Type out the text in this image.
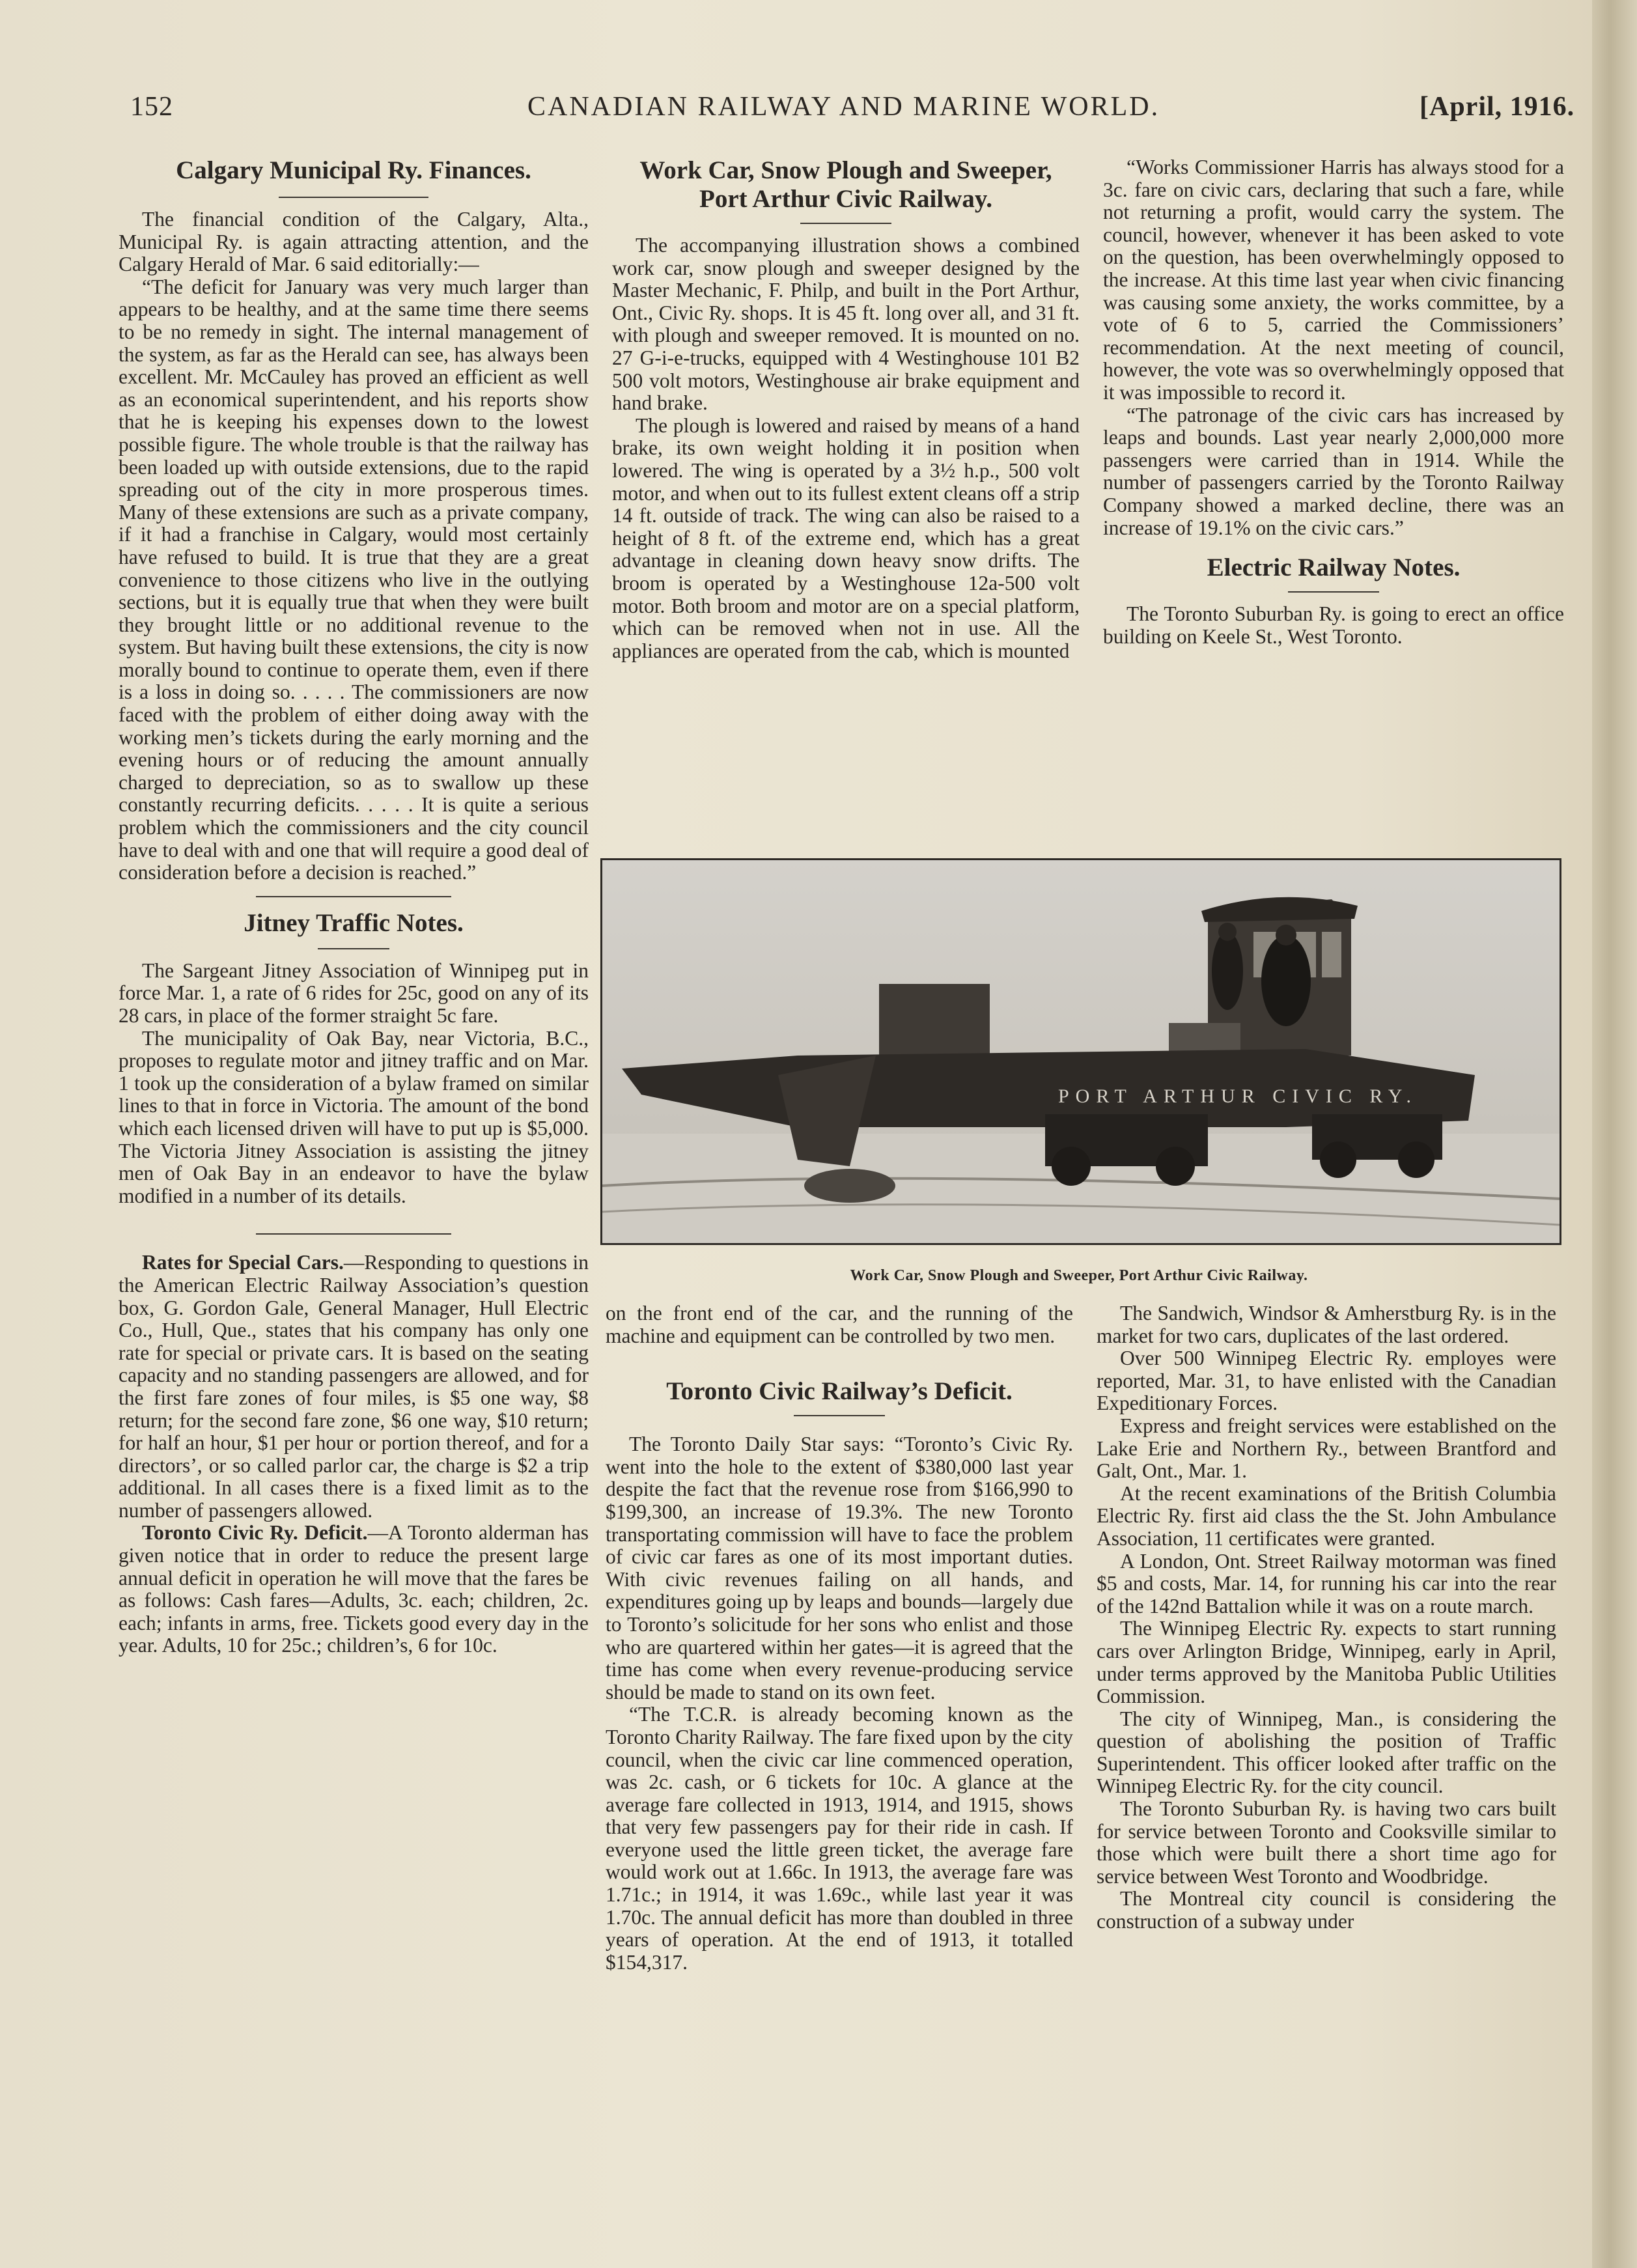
152	CANADIAN RAILWAY AND MARINE WORLD.	[April, 1916.
Calgary Municipal Ry. Finances.

The financial condition of the Calgary, Alta., Municipal Ry. is again attracting attention, and the Calgary Herald of Mar. 6 said editorially:—

“The deficit for January was very much larger than appears to be healthy, and at the same time there seems to be no remedy in sight. The internal management of the system, as far as the Herald can see, has always been excellent. Mr. McCauley has proved an efficient as well as an economical superintendent, and his reports show that he is keeping his expenses down to the lowest possible figure. The whole trouble is that the railway has been loaded up with outside extensions, due to the rapid spreading out of the city in more prosperous times. Many of these extensions are such as a private company, if it had a franchise in Calgary, would most certainly have refused to build. It is true that they are a great convenience to those citizens who live in the outlying sections, but it is equally true that when they were built they brought little or no additional revenue to the system. But having built these extensions, the city is now morally bound to continue to operate them, even if there is a loss in doing so. . . . . The commissioners are now faced with the problem of either doing away with the working men’s tickets during the early morning and the evening hours or of reducing the amount annually charged to depreciation, so as to swallow up these constantly recurring deficits. . . . . It is quite a serious problem which the commissioners and the city council have to deal with and one that will require a good deal of consideration before a decision is reached.”

Jitney Traffic Notes.

The Sargeant Jitney Association of Winnipeg put in force Mar. 1, a rate of 6 rides for 25c, good on any of its 28 cars, in place of the former straight 5c fare.

The municipality of Oak Bay, near Victoria, B.C., proposes to regulate motor and jitney traffic and on Mar. 1 took up the consideration of a bylaw framed on similar lines to that in force in Victoria. The amount of the bond which each licensed driven will have to put up is $5,000. The Victoria Jitney Association is assisting the jitney men of Oak Bay in an endeavor to have the bylaw modified in a number of its details.

Rates for Special Cars.—Responding to questions in the American Electric Railway Association’s question box, G. Gordon Gale, General Manager, Hull Electric Co., Hull, Que., states that his company has only one rate for special or private cars. It is based on the seating capacity and no standing passengers are allowed, and for the first fare zones of four miles, is $5 one way, $8 return; for the second fare zone, $6 one way, $10 return; for half an hour, $1 per hour or portion thereof, and for a directors’, or so called parlor car, the charge is $2 a trip additional. In all cases there is a fixed limit as to the number of passengers allowed.

Toronto Civic Ry. Deficit.—A Toronto alderman has given notice that in order to reduce the present large annual deficit in operation he will move that the fares be as follows: Cash fares—Adults, 3c. each; children, 2c. each; infants in arms, free. Tickets good every day in the year. Adults, 10 for 25c.; children’s, 6 for 10c.

Work Car, Snow Plough and Sweeper,
Port Arthur Civic Railway.

The accompanying illustration shows a combined work car, snow plough and sweeper designed by the Master Mechanic, F. Philp, and built in the Port Arthur, Ont., Civic Ry. shops. It is 45 ft. long over all, and 31 ft. with plough and sweeper removed. It is mounted on no. 27 G-i-e-trucks, equipped with 4 Westinghouse 101 B2 500 volt motors, Westinghouse air brake equipment and hand brake.

The plough is lowered and raised by means of a hand brake, its own weight holding it in position when lowered. The wing is operated by a 3½ h.p., 500 volt motor, and when out to its fullest extent cleans off a strip 14 ft. outside of track. The wing can also be raised to a height of 8 ft. of the extreme end, which has a great advantage in cleaning down heavy snow drifts. The broom is operated by a Westinghouse 12a-500 volt motor. Both broom and motor are on a special platform, which can be removed when not in use. All the appliances are operated from the cab, which is mounted

“Works Commissioner Harris has always stood for a 3c. fare on civic cars, declaring that such a fare, while not returning a profit, would carry the system. The council, however, whenever it has been asked to vote on the question, has been overwhelmingly opposed to the increase. At this time last year when civic financing was causing some anxiety, the works committee, by a vote of 6 to 5, carried the Commissioners’ recommendation. At the next meeting of council, however, the vote was so overwhelmingly opposed that it was impossible to record it.

“The patronage of the civic cars has increased by leaps and bounds. Last year nearly 2,000,000 more passengers were carried than in 1914. While the number of passengers carried by the Toronto Railway Company showed a marked decline, there was an increase of 19.1% on the civic cars.”

Electric Railway Notes.

The Toronto Suburban Ry. is going to erect an office building on Keele St., West Toronto.

PORT ARTHUR CIVIC RY.
Work Car, Snow Plough and Sweeper, Port Arthur Civic Railway.

on the front end of the car, and the running of the machine and equipment can be controlled by two men.

Toronto Civic Railway’s Deficit.

The Toronto Daily Star says: “Toronto’s Civic Ry. went into the hole to the extent of $380,000 last year despite the fact that the revenue rose from $166,990 to $199,300, an increase of 19.3%. The new Toronto transportating commission will have to face the problem of civic car fares as one of its most important duties. With civic revenues failing on all hands, and expenditures going up by leaps and bounds—largely due to Toronto’s solicitude for her sons who enlist and those who are quartered within her gates—it is agreed that the time has come when every revenue-producing service should be made to stand on its own feet.

“The T.C.R. is already becoming known as the Toronto Charity Railway. The fare fixed upon by the city council, when the civic car line commenced operation, was 2c. cash, or 6 tickets for 10c. A glance at the average fare collected in 1913, 1914, and 1915, shows that very few passengers pay for their ride in cash. If everyone used the little green ticket, the average fare would work out at 1.66c. In 1913, the average fare was 1.71c.; in 1914, it was 1.69c., while last year it was 1.70c. The annual deficit has more than doubled in three years of operation. At the end of 1913, it totalled $154,317.

The Sandwich, Windsor & Amherstburg Ry. is in the market for two cars, duplicates of the last ordered.

Over 500 Winnipeg Electric Ry. employes were reported, Mar. 31, to have enlisted with the Canadian Expeditionary Forces.

Express and freight services were established on the Lake Erie and Northern Ry., between Brantford and Galt, Ont., Mar. 1.

At the recent examinations of the British Columbia Electric Ry. first aid class the the St. John Ambulance Association, 11 certificates were granted.

A London, Ont. Street Railway motorman was fined $5 and costs, Mar. 14, for running his car into the rear of the 142nd Battalion while it was on a route march.

The Winnipeg Electric Ry. expects to start running cars over Arlington Bridge, Winnipeg, early in April, under terms approved by the Manitoba Public Utilities Commission.

The city of Winnipeg, Man., is considering the question of abolishing the position of Traffic Superintendent. This officer looked after traffic on the Winnipeg Electric Ry. for the city council.

The Toronto Suburban Ry. is having two cars built for service between Toronto and Cooksville similar to those which were built there a short time ago for service between West Toronto and Woodbridge.

The Montreal city council is considering the construction of a subway under
